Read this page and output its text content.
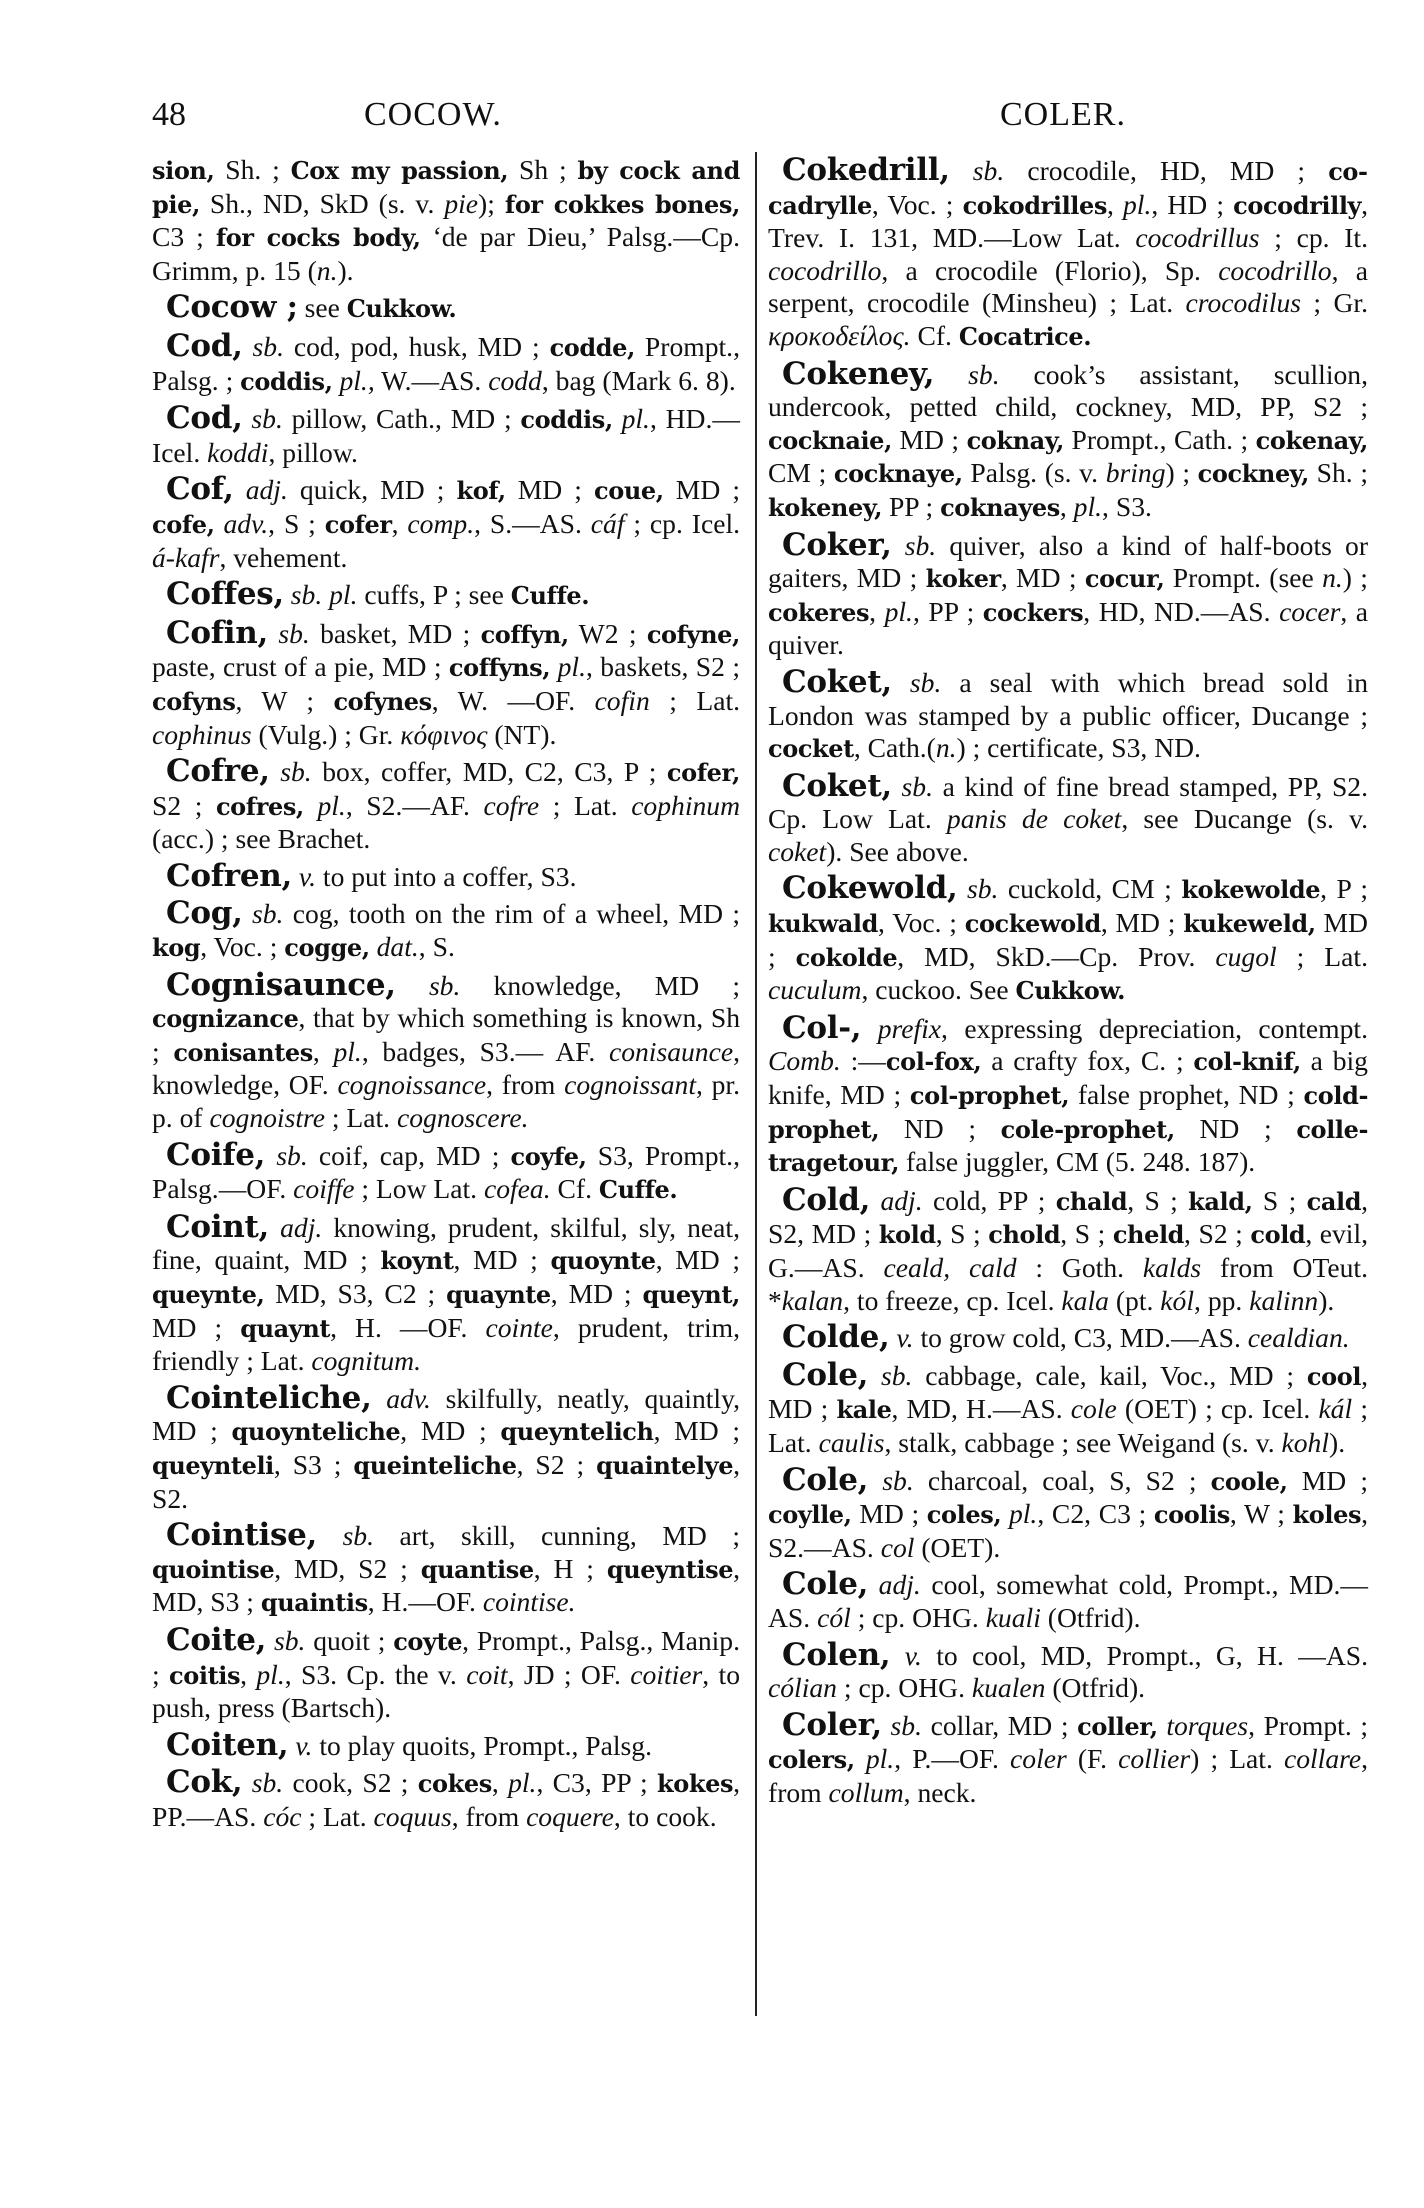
48	COCOW.	COLER.

sion, Sh. ; Cox my passion, Sh ; by cock and pie, Sh., ND, SkD (s. v. pie); for cokkes bones, C3 ; for cocks body, ‘de par Dieu,’ Palsg.—Cp. Grimm, p. 15 (n.).

Cocow ; see Cukkow.

Cod, sb. cod, pod, husk, MD ; codde, Prompt., Palsg. ; coddis, pl., W.—AS. codd, bag (Mark 6. 8).

Cod, sb. pillow, Cath., MD ; coddis, pl., HD.—Icel. koddi, pillow.

Cof, adj. quick, MD ; kof, MD ; coue, MD ; cofe, adv., S ; cofer, comp., S.—AS. cáf ; cp. Icel. á-kafr, vehement.

Coffes, sb. pl. cuffs, P ; see Cuffe.

Cofin, sb. basket, MD ; coffyn, W2 ; cofyne, paste, crust of a pie, MD ; coffyns, pl., baskets, S2 ; cofyns, W ; cofynes, W. —OF. cofin ; Lat. cophinus (Vulg.) ; Gr. κόφινος (NT).

Cofre, sb. box, coffer, MD, C2, C3, P ; cofer, S2 ; cofres, pl., S2.—AF. cofre ; Lat. cophinum (acc.) ; see Brachet.

Cofren, v. to put into a coffer, S3.

Cog, sb. cog, tooth on the rim of a wheel, MD ; kog, Voc. ; cogge, dat., S.

Cognisaunce, sb. knowledge, MD ; cognizance, that by which something is known, Sh ; conisantes, pl., badges, S3.— AF. conisaunce, knowledge, OF. cognoissance, from cognoissant, pr. p. of cognoistre ; Lat. cognoscere.

Coife, sb. coif, cap, MD ; coyfe, S3, Prompt., Palsg.—OF. coiffe ; Low Lat. cofea. Cf. Cuffe.

Coint, adj. knowing, prudent, skilful, sly, neat, fine, quaint, MD ; koynt, MD ; quoynte, MD ; queynte, MD, S3, C2 ; quaynte, MD ; queynt, MD ; quaynt, H. —OF. cointe, prudent, trim, friendly ; Lat. cognitum.

Cointeliche, adv. skilfully, neatly, quaintly, MD ; quoynteliche, MD ; queyntelich, MD ; queynteli, S3 ; queinteliche, S2 ; quaintelye, S2.

Cointise, sb. art, skill, cunning, MD ; quointise, MD, S2 ; quantise, H ; queyntise, MD, S3 ; quaintis, H.—OF. cointise.

Coite, sb. quoit ; coyte, Prompt., Palsg., Manip. ; coitis, pl., S3. Cp. the v. coit, JD ; OF. coitier, to push, press (Bartsch).

Coiten, v. to play quoits, Prompt., Palsg.

Cok, sb. cook, S2 ; cokes, pl., C3, PP ; kokes, PP.—AS. cóc ; Lat. coquus, from coquere, to cook.

Cokedrill, sb. crocodile, HD, MD ; cocadrylle, Voc. ; cokodrilles, pl., HD ; cocodrilly, Trev. I. 131, MD.—Low Lat. cocodrillus ; cp. It. cocodrillo, a crocodile (Florio), Sp. cocodrillo, a serpent, crocodile (Minsheu) ; Lat. crocodilus ; Gr. κροκοδείλος. Cf. Cocatrice.

Cokeney, sb. cook’s assistant, scullion, undercook, petted child, cockney, MD, PP, S2 ; cocknaie, MD ; coknay, Prompt., Cath. ; cokenay, CM ; cocknaye, Palsg. (s. v. bring) ; cockney, Sh. ; kokeney, PP ; coknayes, pl., S3.

Coker, sb. quiver, also a kind of half-boots or gaiters, MD ; koker, MD ; cocur, Prompt. (see n.) ; cokeres, pl., PP ; cockers, HD, ND.—AS. cocer, a quiver.

Coket, sb. a seal with which bread sold in London was stamped by a public officer, Ducange ; cocket, Cath.(n.) ; certificate, S3, ND.

Coket, sb. a kind of fine bread stamped, PP, S2. Cp. Low Lat. panis de coket, see Ducange (s. v. coket). See above.

Cokewold, sb. cuckold, CM ; kokewolde, P ; kukwald, Voc. ; cockewold, MD ; kukeweld, MD ; cokolde, MD, SkD.—Cp. Prov. cugol ; Lat. cuculum, cuckoo. See Cukkow.

Col-, prefix, expressing depreciation, contempt. Comb. :—col-fox, a crafty fox, C. ; col-knif, a big knife, MD ; col-prophet, false prophet, ND ; cold-prophet, ND ; cole-prophet, ND ; colle-tragetour, false juggler, CM (5. 248. 187).

Cold, adj. cold, PP ; chald, S ; kald, S ; cald, S2, MD ; kold, S ; chold, S ; cheld, S2 ; cold, evil, G.—AS. ceald, cald : Goth. kalds from OTeut. *kalan, to freeze, cp. Icel. kala (pt. kól, pp. kalinn).

Colde, v. to grow cold, C3, MD.—AS. cealdian.

Cole, sb. cabbage, cale, kail, Voc., MD ; cool, MD ; kale, MD, H.—AS. cole (OET) ; cp. Icel. kál ; Lat. caulis, stalk, cabbage ; see Weigand (s. v. kohl).

Cole, sb. charcoal, coal, S, S2 ; coole, MD ; coylle, MD ; coles, pl., C2, C3 ; coolis, W ; koles, S2.—AS. col (OET).

Cole, adj. cool, somewhat cold, Prompt., MD.—AS. cól ; cp. OHG. kuali (Otfrid).

Colen, v. to cool, MD, Prompt., G, H. —AS. cólian ; cp. OHG. kualen (Otfrid).

Coler, sb. collar, MD ; coller, torques, Prompt. ; colers, pl., P.—OF. coler (F. collier) ; Lat. collare, from collum, neck.
